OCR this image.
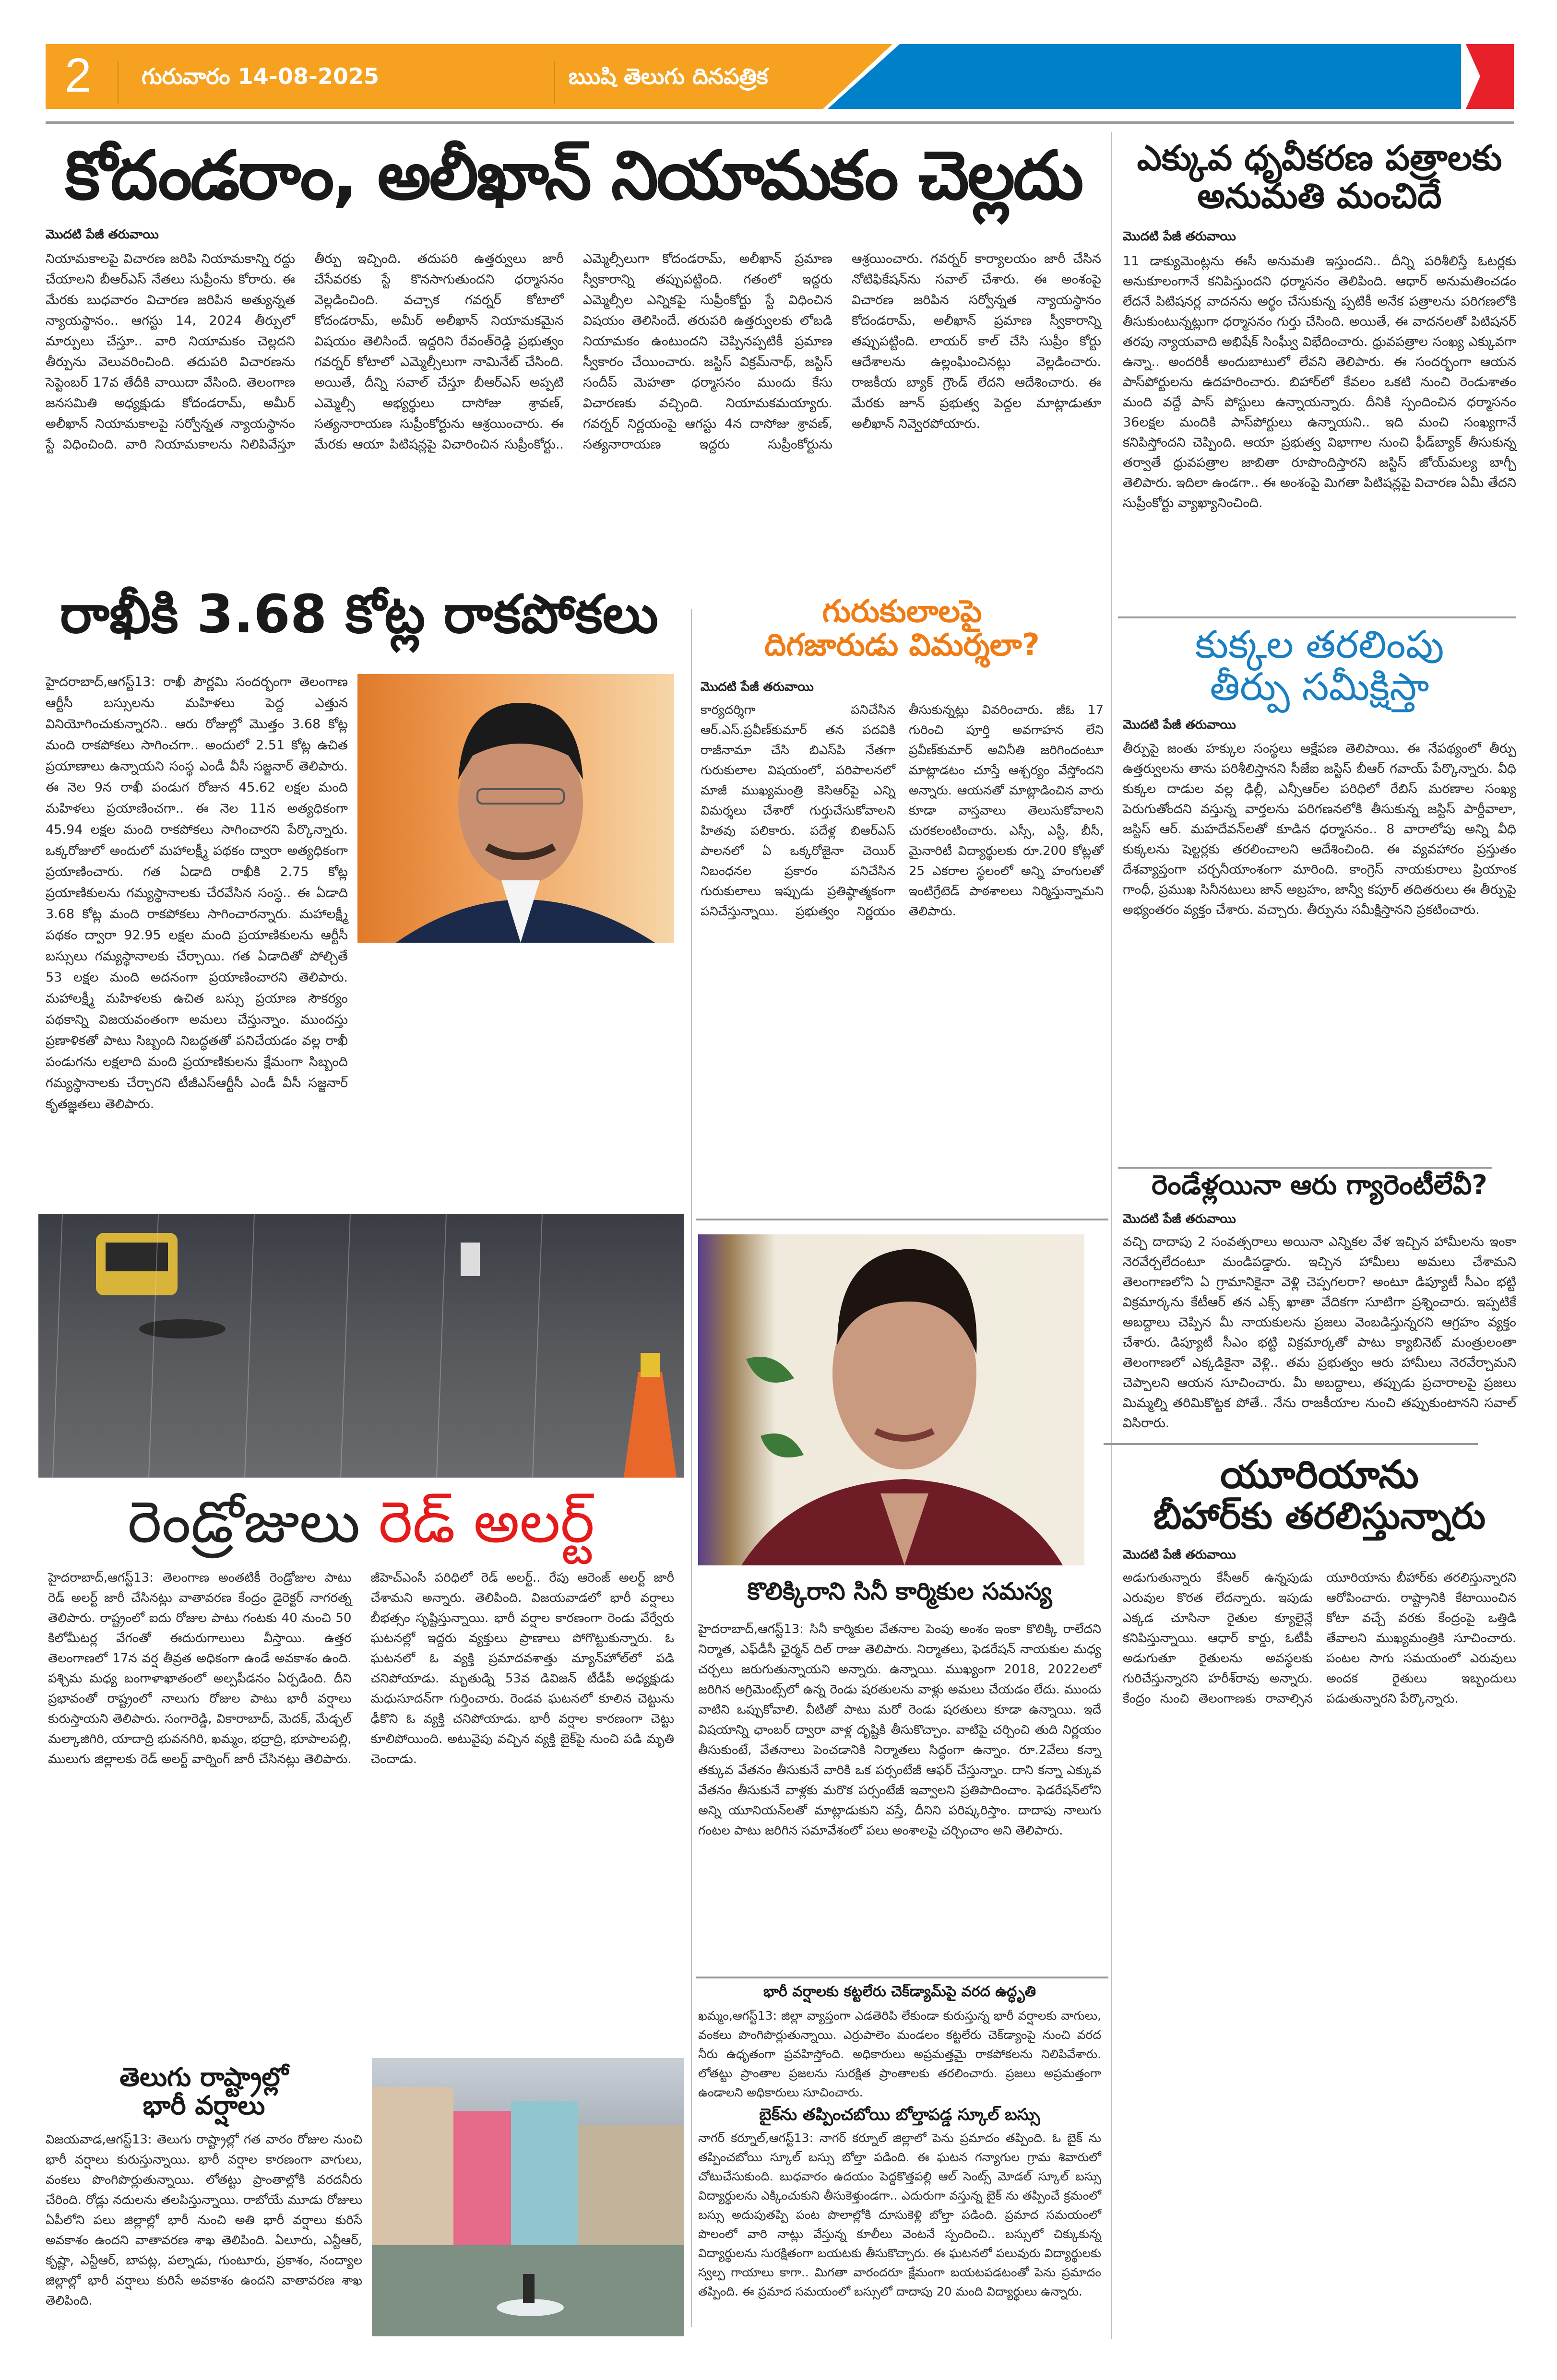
2 గురువారం 14-08-2025	ఋషి తెలుగు దినపత్రిక
కోదండరాం, అలీఖాన్ నియామకం చెల్లదు
మొదటి పేజీ తరువాయి
నియామకాలపై విచారణ జరిపి నియామకాన్ని రద్దు చేయాలని బీఆర్ఎస్ నేతలు సుప్రీంను కోరారు. ఈ మేరకు బుధవారం విచారణ జరిపిన అత్యున్నత న్యాయస్థానం.. ఆగస్టు 14, 2024 తీర్పులో మార్పులు చేస్తూ.. వారి నియామకం చెల్లదని తీర్పును వెలువరించింది. తదుపరి విచారణను సెప్టెంబర్ 17వ తేదీకి వాయిదా వేసింది. తెలంగాణ జనసమితి అధ్యక్షుడు కోదండరామ్, అమీర్ అలీఖాన్ నియామకాలపై సర్వోన్నత న్యాయస్థానం స్టే విధించింది. వారి నియామకాలను నిలిపివేస్తూ తీర్పు ఇచ్చింది. తదుపరి ఉత్తర్వులు జారీ చేసేవరకు స్టే కొనసాగుతుందని ధర్మాసనం వెల్లడించింది. వచ్చాక గవర్నర్ కోటాలో కోదండరామ్, అమీర్ అలీఖాన్ నియామకమైన విషయం తెలిసిందే. ఇద్దరిని రేవంత్‌రెడ్డి ప్రభుత్వం గవర్నర్ కోటాలో ఎమ్మెల్సీలుగా నామినేట్ చేసింది. అయితే, దీన్ని సవాల్ చేస్తూ బీఆర్ఎస్ అప్పటి ఎమ్మెల్సీ అభ్యర్థులు దాసోజు శ్రావణ్, సత్యనారాయణ సుప్రీంకోర్టును ఆశ్రయించారు. ఈ మేరకు ఆయా పిటిషన్లపై విచారించిన సుప్రీంకోర్టు.. ఎమ్మెల్సీలుగా కోదండరామ్, అలీఖాన్ ప్రమాణ స్వీకారాన్ని తప్పుపట్టింది. గతంలో ఇద్దరు ఎమ్మెల్సీల ఎన్నికపై సుప్రీంకోర్టు స్టే విధించిన విషయం తెలిసిందే. తరుపరి ఉత్తర్వులకు లోబడి నియామకం ఉంటుందని చెప్పినప్పటికీ ప్రమాణ స్వీకారం చేయించారు. జస్టిస్ విక్రమ్‌నాథ్, జస్టిస్ సందీప్ మెహతా ధర్మాసనం ముందు కేసు విచారణకు వచ్చింది. నియామకమయ్యారు. గవర్నర్ నిర్ణయంపై ఆగస్టు 4న దాసోజు శ్రావణ్, సత్యనారాయణ ఇద్దరు సుప్రీంకోర్టును ఆశ్రయించారు. గవర్నర్ కార్యాలయం జారీ చేసిన నోటిఫికేషన్‌ను సవాల్ చేశారు. ఈ అంశంపై విచారణ జరిపిన సర్వోన్నత న్యాయస్థానం కోదండరామ్, అలీఖాన్ ప్రమాణ స్వీకారాన్ని తప్పుపట్టింది. లాయర్ కాల్ చేసి సుప్రీం కోర్టు ఆదేశాలను ఉల్లంఘించినట్లు వెల్లడించారు. రాజకీయ బ్యాక్ గ్రౌండ్ లేదని ఆదేశించారు. ఈ మేరకు జూన్ ప్రభుత్వ పెద్దల మాట్లాడుతూ అలీఖాన్ నివ్వెరపోయారు.
ఎక్కువ ధృవీకరణ పత్రాలకు
అనుమతి మంచిదే
మొదటి పేజీ తరువాయి
11 డాక్యుమెంట్లను ఈసీ అనుమతి ఇస్తుందని.. దీన్ని పరిశీలిస్తే ఓటర్లకు అనుకూలంగానే కనిపిస్తుందని ధర్మాసనం తెలిపింది. ఆధార్ అనుమతించడం లేదనే పిటిషనర్ల వాదనను అర్థం చేసుకున్న ప్పటికీ అనేక పత్రాలను పరిగణలోకి తీసుకుంటున్నట్లుగా ధర్మాసనం గుర్తు చేసింది. అయితే, ఈ వాదనలతో పిటిషనర్ తరపు న్యాయవాది అభిషేక్ సింఘ్వీ విభేదించారు. ధ్రువపత్రాల సంఖ్య ఎక్కువగా ఉన్నా.. అందరికీ అందుబాటులో లేవని తెలిపారు. ఈ సందర్భంగా ఆయన పాస్‌పోర్టులను ఉదహరించారు. బిహార్‌లో కేవలం ఒకటి నుంచి రెండుశాతం మంది వద్దే పాస్ పోస్టులు ఉన్నాయన్నారు. దీనికి స్పందించిన ధర్మాసనం 36లక్షల మందికి పాస్‌పోర్టులు ఉన్నాయని.. ఇది మంచి సంఖ్యగానే కనిపిస్తోందని చెప్పింది. ఆయా ప్రభుత్వ విభాగాల నుంచి ఫీడ్‌బ్యాక్ తీసుకున్న తర్వాతే ధ్రువపత్రాల జాబితా రూపొందిస్తారని జస్టిస్ జోయ్‌మల్య బాగ్చీ తెలిపారు. ఇదిలా ఉండగా.. ఈ అంశంపై మిగతా పిటిషన్లపై విచారణ ఏమీ తేదని సుప్రీంకోర్టు వ్యాఖ్యానించింది.
రాఖీకి 3.68 కోట్ల రాకపోకలు
హైదరాబాద్,ఆగస్ట్13: రాఖీ పౌర్ణమి సందర్భంగా తెలంగాణ ఆర్టీసీ బస్సులను మహిళలు పెద్ద ఎత్తున వినియోగించుకున్నారని.. ఆరు రోజుల్లో మొత్తం 3.68 కోట్ల మంది రాకపోకలు సాగించగా.. అందులో 2.51 కోట్ల ఉచిత ప్రయాణాలు ఉన్నాయని సంస్థ ఎండీ వీసీ సజ్జనార్ తెలిపారు. ఈ నెల 9న రాఖీ పండుగ రోజున 45.62 లక్షల మంది మహిళలు ప్రయాణించగా.. ఈ నెల 11న అత్యధికంగా 45.94 లక్షల మంది రాకపోకలు సాగించారని పేర్కొన్నారు. ఒక్కరోజులో అందులో మహాలక్ష్మీ పథకం ద్వారా అత్యధికంగా ప్రయాణించారు. గత ఏడాది రాఖీకి 2.75 కోట్ల ప్రయాణికులను గమ్యస్థానాలకు చేరవేసిన సంస్థ.. ఈ ఏడాది 3.68 కోట్ల మంది రాకపోకలు సాగించారన్నారు. మహాలక్ష్మీ పథకం ద్వారా 92.95 లక్షల మంది ప్రయాణికులను ఆర్టీసీ బస్సులు గమ్యస్థానాలకు చేర్చాయి. గత ఏడాదితో పోల్చితే 53 లక్షల మంది అదనంగా ప్రయాణించారని తెలిపారు. మహాలక్ష్మీ మహిళలకు ఉచిత బస్సు ప్రయాణ సౌకర్యం పథకాన్ని విజయవంతంగా అమలు చేస్తున్నాం. ముందస్తు ప్రణాళికతో పాటు సిబ్బంది నిబద్ధతతో పనిచేయడం వల్ల రాఖీ పండుగను లక్షలాది మంది ప్రయాణికులను క్షేమంగా సిబ్బంది గమ్యస్థానాలకు చేర్చారని టీజీఎస్ఆర్టీసీ ఎండీ వీసీ సజ్జనార్ కృతజ్ఞతలు తెలిపారు.
గురుకులాలపై
దిగజారుడు విమర్శలా?
మొదటి పేజీ తరువాయి
కార్యదర్శిగా పనిచేసిన ఆర్.ఎస్.ప్రవీణ్‌కుమార్ తన పదవికి రాజీనామా చేసి బిఎస్‌పి నేతగా గురుకులాల విషయంలో, పరిపాలనలో మాజీ ముఖ్యమంత్రి కెసిఆర్‌పై ఎన్ని విమర్శలు చేశారో గుర్తుచేసుకోవాలని హితవు పలికారు. పదేళ్ల బిఆర్ఎస్ పాలనలో ఏ ఒక్కరోజైనా చెయిర్ నిబంధనల ప్రకారం పనిచేసిన గురుకులాలు ఇప్పుడు ప్రతిష్ఠాత్మకంగా పనిచేస్తున్నాయి. ప్రభుత్వం నిర్ణయం తీసుకున్నట్లు వివరించారు. జీఓ 17 గురించి పూర్తి అవగాహన లేని ప్రవీణ్‌కుమార్ అవినీతి జరిగిందంటూ మాట్లాడటం చూస్తే ఆశ్చర్యం వేస్తోందని అన్నారు. ఆయనతో మాట్లాడించిన వారు కూడా వాస్తవాలు తెలుసుకోవాలని చురకలంటించారు. ఎస్సీ, ఎస్టీ, బీసీ, మైనారిటీ విద్యార్థులకు రూ.200 కోట్లతో 25 ఎకరాల స్థలంలో అన్ని హంగులతో ఇంటిగ్రేటెడ్ పాఠశాలలు నిర్మిస్తున్నామని తెలిపారు.
కుక్కల తరలింపు
తీర్పు సమీక్షిస్తా
మొదటి పేజీ తరువాయి
తీర్పుపై జంతు హక్కుల సంస్థలు ఆక్షేపణ తెలిపాయి. ఈ నేపథ్యంలో తీర్పు ఉత్తర్వులను తాను పరిశీలిస్తానని సీజేఐ జస్టిస్ బీఆర్ గవాయ్ పేర్కొన్నారు. వీధి కుక్కల దాడుల వల్ల ఢిల్లీ, ఎన్సీఆర్‌ల పరిధిలో రేబిస్ మరణాల సంఖ్య పెరుగుతోందని వస్తున్న వార్తలను పరిగణనలోకి తీసుకున్న జస్టిస్ పార్దీవాలా, జస్టిస్ ఆర్. మహదేవన్‌లతో కూడిన ధర్మాసనం.. 8 వారాలోపు అన్ని వీధి కుక్కలను షెల్టర్లకు తరలించాలని ఆదేశించింది. ఈ వ్యవహారం ప్రస్తుతం దేశవ్యాప్తంగా చర్చనీయాంశంగా మారింది. కాంగ్రెస్ నాయకురాలు ప్రియాంక గాంధీ, ప్రముఖ సినీనటులు జాన్ అబ్రహం, జాన్వీ కపూర్ తదితరులు ఈ తీర్పుపై అభ్యంతరం వ్యక్తం చేశారు. వచ్చారు. తీర్పును సమీక్షిస్తానని ప్రకటించారు.
రెండేళ్లయినా ఆరు గ్యారెంటీలేవీ?
మొదటి పేజీ తరువాయి
వచ్చి దాదాపు 2 సంవత్సరాలు అయినా ఎన్నికల వేళ ఇచ్చిన హామీలను ఇంకా నెరవేర్చలేదంటూ మండిపడ్డారు. ఇచ్చిన హామీలు అమలు చేశామని తెలంగాణలోని ఏ గ్రామానికైనా వెళ్లి చెప్పగలరా? అంటూ డిప్యూటీ సీఎం భట్టి విక్రమార్కను కేటీఆర్ తన ఎక్స్ ఖాతా వేదికగా సూటిగా ప్రశ్నించారు. ఇప్పటికే అబద్దాలు చెప్పిన మీ నాయకులను ప్రజలు వెంబడిస్తున్నరని ఆగ్రహం వ్యక్తం చేశారు. డిప్యూటీ సీఎం భట్టి విక్రమార్కతో పాటు క్యాబినెట్ మంత్రులంతా తెలంగాణలో ఎక్కడికైనా వెళ్లి.. తమ ప్రభుత్వం ఆరు హామీలు నెరవేర్చామని చెప్పాలని ఆయన సూచించారు. మీ అబద్దాలు, తప్పుడు ప్రచారాలపై ప్రజలు మిమ్మల్ని తరిమికొట్టక పోతే.. నేను రాజకీయాల నుంచి తప్పుకుంటానని సవాల్ విసిరారు.
యూరియాను
బీహార్‌కు తరలిస్తున్నారు
మొదటి పేజీ తరువాయి
అడుగుతున్నారు కేసీఆర్ ఉన్నపుడు ఎరువుల కొరత లేదన్నారు. ఇపుడు ఎక్కడ చూసినా రైతుల క్యూలైన్లే కనిపిస్తున్నాయి. ఆధార్ కార్డు, ఓటీపీ అడుగుతూ రైతులను అవస్థలకు గురిచేస్తున్నారని హరీశ్‌రావు అన్నారు. కేంద్రం నుంచి తెలంగాణకు రావాల్సిన యూరియాను బీహార్‌కు తరలిస్తున్నారని ఆరోపించారు. రాష్ట్రానికి కేటాయించిన కోటా వచ్చే వరకు కేంద్రంపై ఒత్తిడి తేవాలని ముఖ్యమంత్రికి సూచించారు. పంటల సాగు సమయంలో ఎరువులు అందక రైతులు ఇబ్బందులు పడుతున్నారని పేర్కొన్నారు.
రెండ్రోజులు రెడ్ అలర్ట్
హైదరాబాద్,ఆగస్ట్13: తెలంగాణ అంతటికీ రెండ్రోజుల పాటు రెడ్ అలర్ట్ జారీ చేసినట్లు వాతావరణ కేంద్రం డైరెక్టర్ నాగరత్న తెలిపారు. రాష్ట్రంలో ఐదు రోజుల పాటు గంటకు 40 నుంచి 50 కిలోమీటర్ల వేగంతో ఈదురుగాలులు వీస్తాయి. ఉత్తర తెలంగాణలో 17న వర్ష తీవ్రత అధికంగా ఉండే అవకాశం ఉంది. పశ్చిమ మధ్య బంగాళాఖాతంలో అల్పపీడనం ఏర్పడింది. దీని ప్రభావంతో రాష్ట్రంలో నాలుగు రోజుల పాటు భారీ వర్షాలు కురుస్తాయని తెలిపారు. సంగారెడ్డి, వికారాబాద్, మెదక్, మేడ్చల్ మల్కాజిగిరి, యాదాద్రి భువనగిరి, ఖమ్మం, భద్రాద్రి, భూపాలపల్లి, ములుగు జిల్లాలకు రెడ్ అలర్ట్ వార్నింగ్ జారీ చేసినట్లు తెలిపారు. జీహెచ్ఎంసీ పరిధిలో రెడ్ అలర్ట్.. రేపు ఆరెంజ్ అలర్ట్ జారీ చేశామని అన్నారు. తెలిపింది. విజయవాడలో భారీ వర్షాలు బీభత్సం సృష్టిస్తున్నాయి. భారీ వర్షాల కారణంగా రెండు వేర్వేరు ఘటనల్లో ఇద్దరు వ్యక్తులు ప్రాణాలు పోగొట్టుకున్నారు. ఓ ఘటనలో ఓ వ్యక్తి ప్రమాదవశాత్తు మ్యాన్‌హోల్‌లో పడి చనిపోయాడు. మృతుడ్ని 53వ డివిజన్ టీడీపీ అధ్యక్షుడు మధుసూదన్‌గా గుర్తించారు. రెండవ ఘటనలో కూలిన చెట్టును ఢీకొని ఓ వ్యక్తి చనిపోయాడు. భారీ వర్షాల కారణంగా చెట్టు కూలిపోయింది. అటువైపు వచ్చిన వ్యక్తి బైక్‌పై నుంచి పడి మృతి చెందాడు.
తెలుగు రాష్ట్రాల్లో
భారీ వర్షాలు
విజయవాడ,ఆగస్ట్13: తెలుగు రాష్ట్రాల్లో గత వారం రోజుల నుంచి భారీ వర్షాలు కురుస్తున్నాయి. భారీ వర్షాల కారణంగా వాగులు, వంకలు పొంగిపొర్లుతున్నాయి. లోతట్టు ప్రాంతాల్లోకి వరదనీరు చేరింది. రోడ్లు నదులను తలపిస్తున్నాయి. రాబోయే మూడు రోజులు ఏపీలోని పలు జిల్లాల్లో భారీ నుంచి అతి భారీ వర్షాలు కురిసే అవకాశం ఉందని వాతావరణ శాఖ తెలిపింది. ఏలూరు, ఎన్టీఆర్, కృష్ణా, ఎన్టీఆర్, బాపట్ల, పల్నాడు, గుంటూరు, ప్రకాశం, నంద్యాల జిల్లాల్లో భారీ వర్షాలు కురిసే అవకాశం ఉందని వాతావరణ శాఖ తెలిపింది.
కొలిక్కిరాని సినీ కార్మికుల సమస్య
హైదరాబాద్,ఆగస్ట్13: సినీ కార్మికుల వేతనాల పెంపు అంశం ఇంకా కొలిక్కి రాలేదని నిర్మాత, ఎఫ్‌డీసీ ఛైర్మన్ దిల్ రాజు తెలిపారు. నిర్మాతలు, ఫెడరేషన్ నాయకుల మధ్య చర్చలు జరుగుతున్నాయని అన్నారు. ఉన్నాయి. ముఖ్యంగా 2018, 2022లలో జరిగిన అగ్రిమెంట్స్‌లో ఉన్న రెండు షరతులను వాళ్లు అమలు చేయడం లేదు. ముందు వాటిని ఒప్పుకోవాలి. వీటితో పాటు మరో రెండు షరతులు కూడా ఉన్నాయి. ఇదే విషయాన్ని ఛాంబర్ ద్వారా వాళ్ల దృష్టికి తీసుకొచ్చాం. వాటిపై చర్చించి తుది నిర్ణయం తీసుకుంటే, వేతనాలు పెంచడానికి నిర్మాతలు సిద్ధంగా ఉన్నాం. రూ.2వేలు కన్నా తక్కువ వేతనం తీసుకునే వారికి ఒక పర్సంటేజీ ఆఫర్ చేస్తున్నాం. దాని కన్నా ఎక్కువ వేతనం తీసుకునే వాళ్లకు మరొక పర్సంటేజీ ఇవ్వాలని ప్రతిపాదించాం. ఫెడరేషన్‌లోని అన్ని యూనియన్‌లతో మాట్లాడుకుని వస్తే, దీనిని పరిష్కరిస్తాం. దాదాపు నాలుగు గంటల పాటు జరిగిన సమావేశంలో పలు అంశాలపై చర్చించాం అని తెలిపారు.
భారీ వర్షాలకు కట్టలేరు చెక్‌డ్యామ్‌పై వరద ఉద్ధృతి
ఖమ్మం,ఆగస్ట్13: జిల్లా వ్యాప్తంగా ఎడతెరిపి లేకుండా కురుస్తున్న భారీ వర్షాలకు వాగులు, వంకలు పొంగిపొర్లుతున్నాయి. ఎర్రుపాలెం మండలం కట్టలేరు చెక్‌డ్యాంపై నుంచి వరద నీరు ఉధృతంగా ప్రవహిస్తోంది. అధికారులు అప్రమత్తమై రాకపోకలను నిలిపివేశారు. లోతట్టు ప్రాంతాల ప్రజలను సురక్షిత ప్రాంతాలకు తరలించారు. ప్రజలు అప్రమత్తంగా ఉండాలని అధికారులు సూచించారు.
బైక్‌ను తప్పించబోయి బోల్తాపడ్డ స్కూల్ బస్సు
నాగర్ కర్నూల్,ఆగస్ట్13: నాగర్ కర్నూల్ జిల్లాలో పెను ప్రమాదం తప్పింది. ఓ బైక్ ను తప్పించబోయి స్కూల్ బస్సు బోల్తా పడింది. ఈ ఘటన గన్యాగుల గ్రామ శివారులో చోటుచేసుకుంది. బుధవారం ఉదయం పెద్దకొత్తపల్లి ఆల్ సెంట్స్ మోడల్ స్కూల్ బస్సు విద్యార్థులను ఎక్కించుకుని తీసుకెళ్తుండగా.. ఎదురుగా వస్తున్న బైక్ ను తప్పించే క్రమంలో బస్సు అదుపుతప్పి పంట పొలాల్లోకి దూసుకెళ్లి బోల్తా పడింది. ప్రమాద సమయంలో పొలంలో వారి నాట్లు వేస్తున్న కూలీలు వెంటనే స్పందించి.. బస్సులో చిక్కుకున్న విద్యార్థులను సురక్షితంగా బయటకు తీసుకొచ్చారు. ఈ ఘటనలో పలువురు విద్యార్థులకు స్వల్ప గాయాలు కాగా.. మిగతా వారందరూ క్షేమంగా బయటపడటంతో పెను ప్రమాదం తప్పింది. ఈ ప్రమాద సమయంలో బస్సులో దాదాపు 20 మంది విద్యార్థులు ఉన్నారు.
